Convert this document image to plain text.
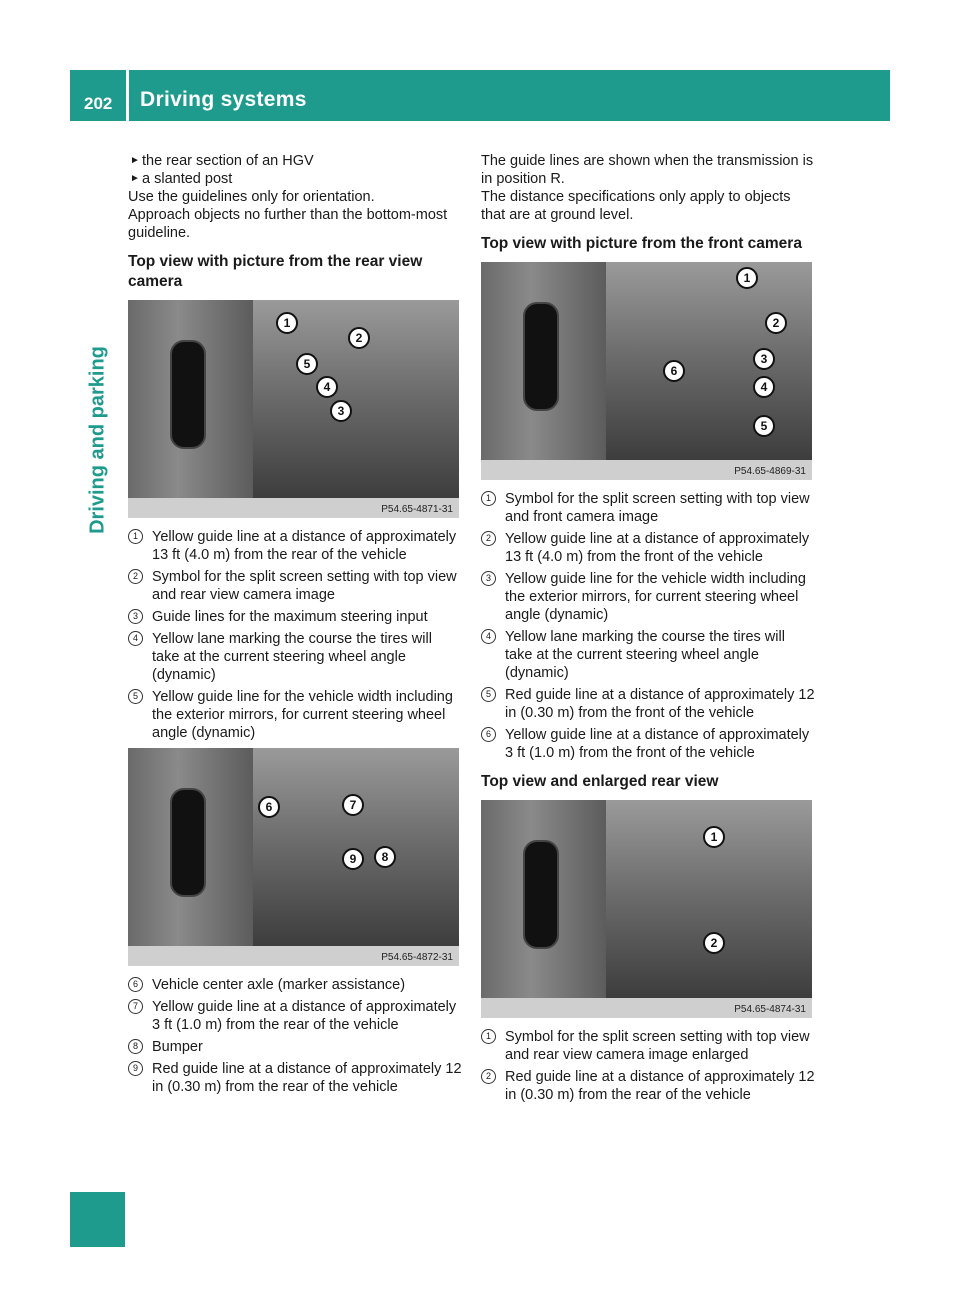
202 Driving systems
Driving and parking
► the rear section of an HGV
► a slanted post
Use the guidelines only for orientation.
Approach objects no further than the bottom-most guideline.
Top view with picture from the rear view camera
1
2
5
4
3
P54.65-4871-31
1 Yellow guide line at a distance of approximately 13 ft (4.0 m) from the rear of the vehicle
2 Symbol for the split screen setting with top view and rear view camera image
3 Guide lines for the maximum steering input
4 Yellow lane marking the course the tires will take at the current steering wheel angle (dynamic)
5 Yellow guide line for the vehicle width including the exterior mirrors, for current steering wheel angle (dynamic)
6	7
9	8
P54.65-4872-31
6 Vehicle center axle (marker assistance)
7 Yellow guide line at a distance of approximately 3 ft (1.0 m) from the rear of the vehicle
8 Bumper
9 Red guide line at a distance of approximately 12 in (0.30 m) from the rear of the vehicle
The guide lines are shown when the transmission is in position R.
The distance specifications only apply to objects that are at ground level.
Top view with picture from the front camera
1
2
3
6
4
5
P54.65-4869-31
1 Symbol for the split screen setting with top view and front camera image
2 Yellow guide line at a distance of approximately 13 ft (4.0 m) from the front of the vehicle
3 Yellow guide line for the vehicle width including the exterior mirrors, for current steering wheel angle (dynamic)
4 Yellow lane marking the course the tires will take at the current steering wheel angle (dynamic)
5 Red guide line at a distance of approximately 12 in (0.30 m) from the front of the vehicle
6 Yellow guide line at a distance of approximately 3 ft (1.0 m) from the front of the vehicle
Top view and enlarged rear view
1
2
P54.65-4874-31
1 Symbol for the split screen setting with top view and rear view camera image enlarged
2 Red guide line at a distance of approximately 12 in (0.30 m) from the rear of the vehicle
